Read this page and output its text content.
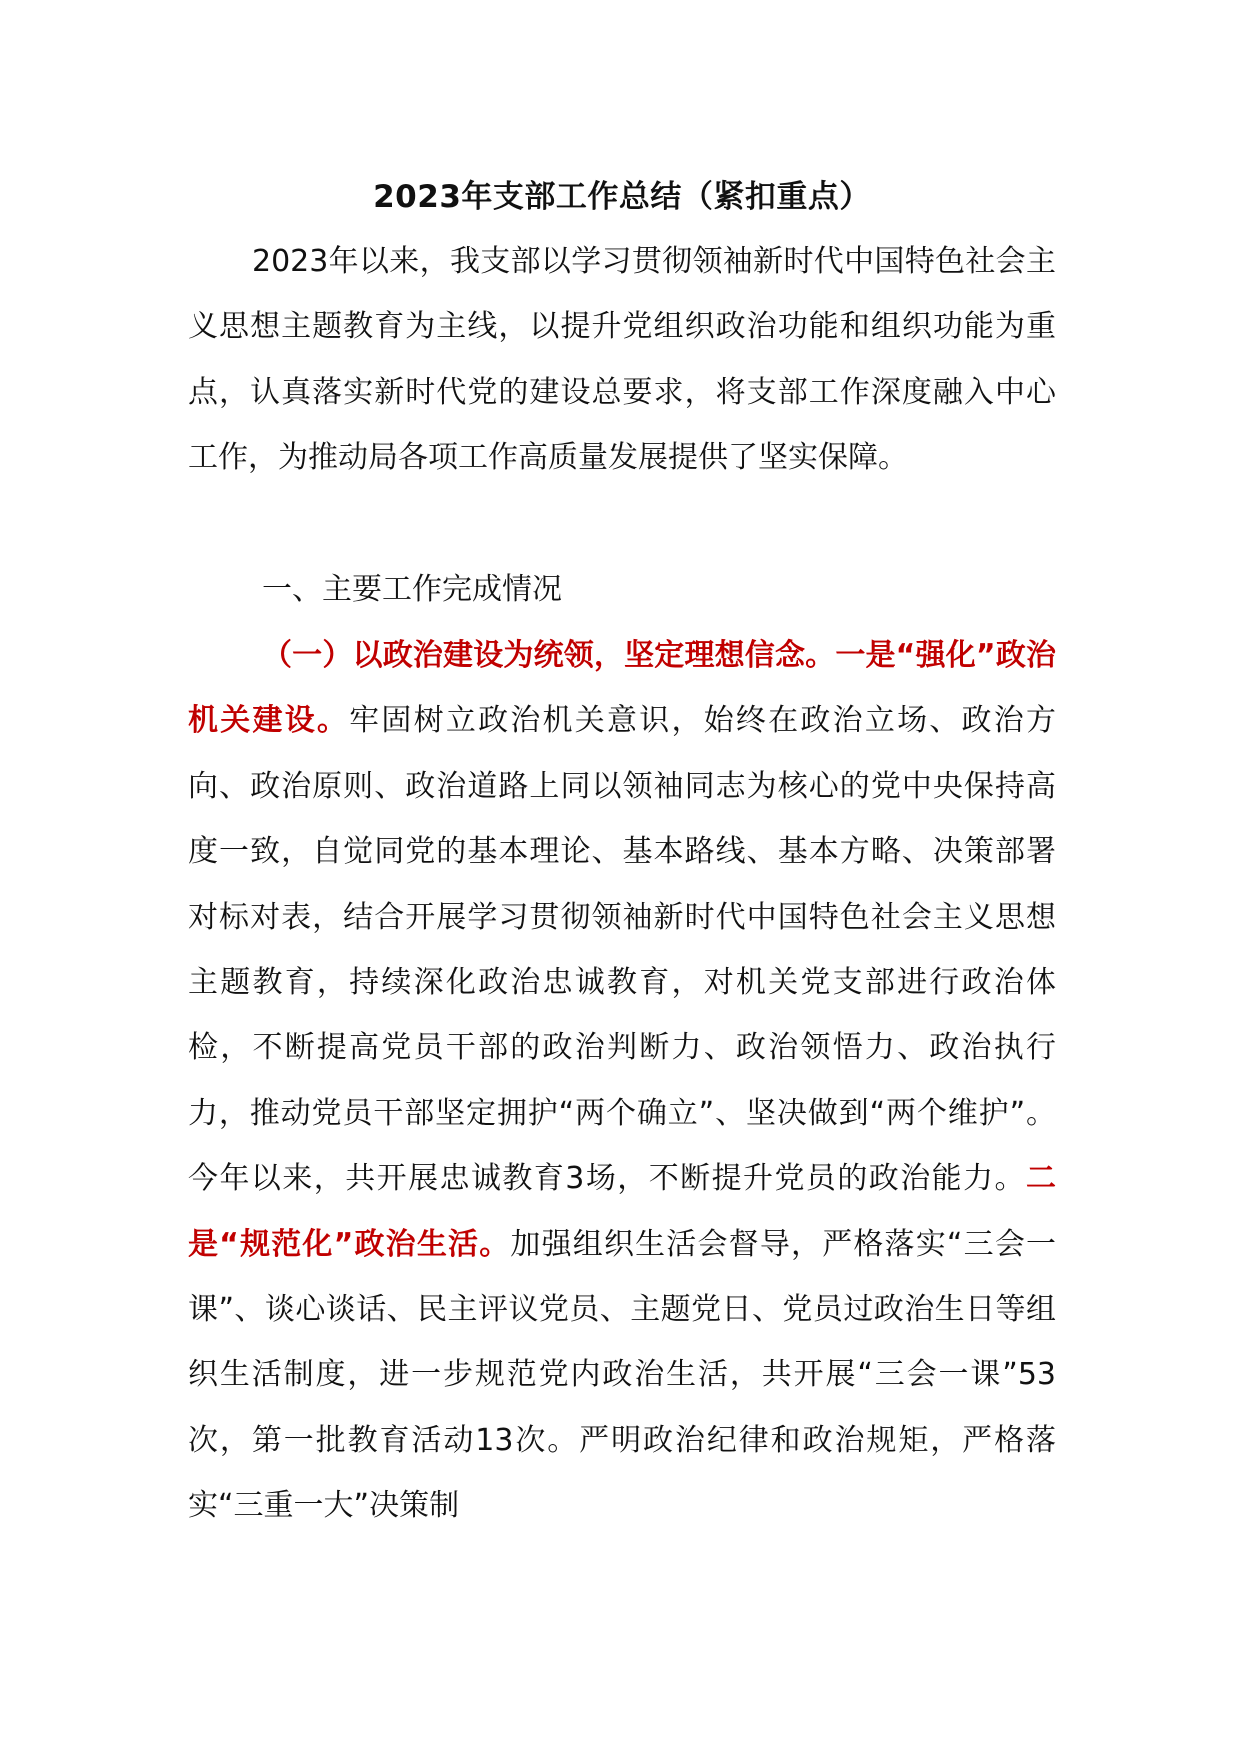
2023年支部工作总结（紧扣重点）

2023年以来，我支部以学习贯彻领袖新时代中国特色社会主义思想主题教育为主线，以提升党组织政治功能和组织功能为重点，认真落实新时代党的建设总要求，将支部工作深度融入中心工作，为推动局各项工作高质量发展提供了坚实保障。

一、主要工作完成情况

（一）以政治建设为统领，坚定理想信念。一是“强化”政治机关建设。牢固树立政治机关意识，始终在政治立场、政治方向、政治原则、政治道路上同以领袖同志为核心的党中央保持高度一致，自觉同党的基本理论、基本路线、基本方略、决策部署对标对表，结合开展学习贯彻领袖新时代中国特色社会主义思想主题教育，持续深化政治忠诚教育，对机关党支部进行政治体检，不断提高党员干部的政治判断力、政治领悟力、政治执行力，推动党员干部坚定拥护“两个确立”、坚决做到“两个维护”。今年以来，共开展忠诚教育3场，不断提升党员的政治能力。二是“规范化”政治生活。加强组织生活会督导，严格落实“三会一课”、谈心谈话、民主评议党员、主题党日、党员过政治生日等组织生活制度，进一步规范党内政治生活，共开展“三会一课”53次，第一批教育活动13次。严明政治纪律和政治规矩，严格落实“三重一大”决策制
